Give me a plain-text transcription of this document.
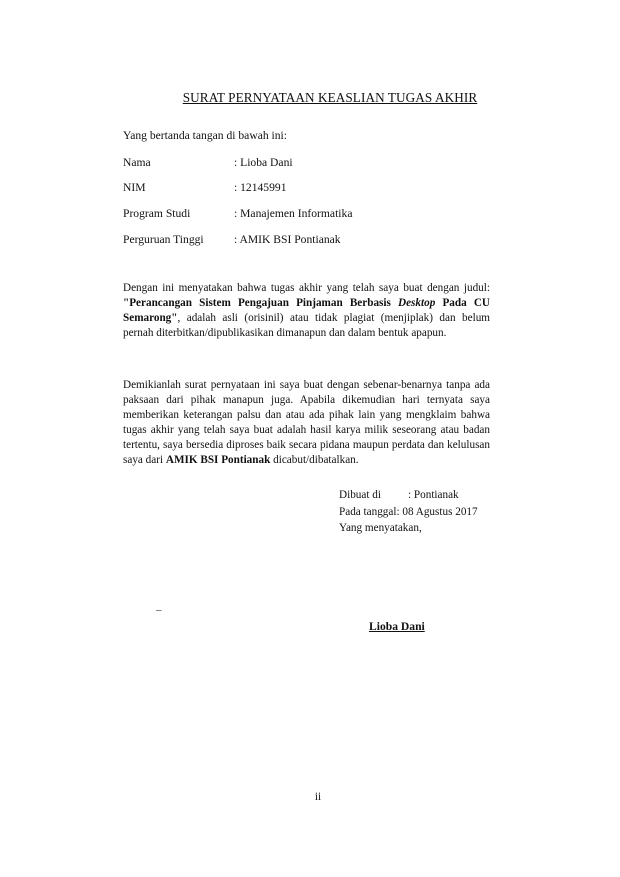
SURAT PERNYATAAN KEASLIAN TUGAS AKHIR
Yang bertanda tangan di bawah ini:
Nama	: Lioba Dani
NIM	: 12145991
Program Studi	: Manajemen Informatika
Perguruan Tinggi	: AMIK BSI Pontianak

Dengan ini menyatakan bahwa tugas akhir yang telah saya buat dengan judul: "Perancangan Sistem Pengajuan Pinjaman Berbasis Desktop Pada CU Semarong", adalah asli (orisinil) atau tidak plagiat (menjiplak) dan belum pernah diterbitkan/dipublikasikan dimanapun dan dalam bentuk apapun.

Demikianlah surat pernyataan ini saya buat dengan sebenar-benarnya tanpa ada paksaan dari pihak manapun juga. Apabila dikemudian hari ternyata saya memberikan keterangan palsu dan atau ada pihak lain yang mengklaim bahwa tugas akhir yang telah saya buat adalah hasil karya milik seseorang atau badan tertentu, saya bersedia diproses baik secara pidana maupun perdata dan kelulusan saya dari AMIK BSI Pontianak dicabut/dibatalkan.

Dibuat di : Pontianak
Pada tanggal: 08 Agustus 2017
Yang menyatakan,
_
Lioba Dani
ii
